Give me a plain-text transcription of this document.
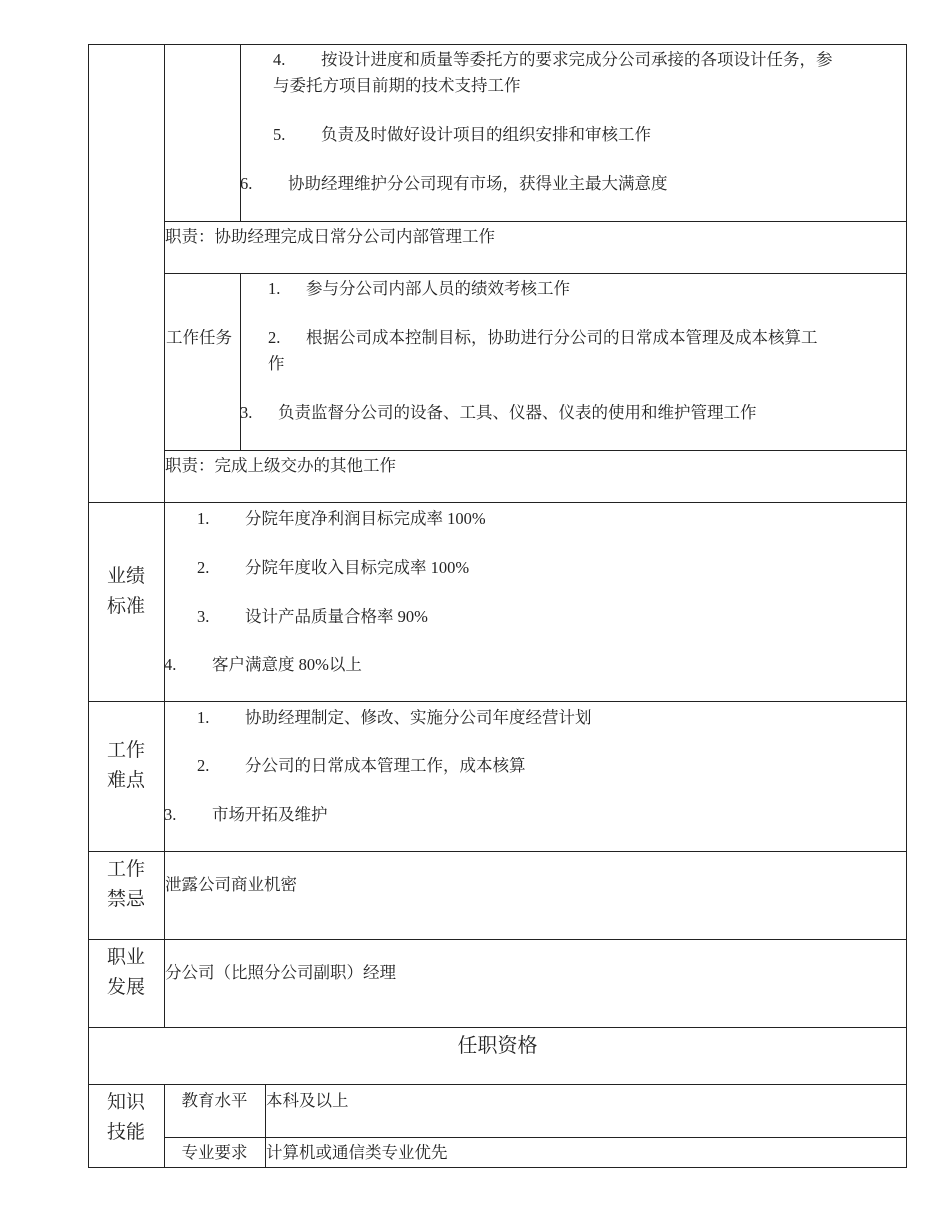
4. 按设计进度和质量等委托方的要求完成分公司承接的各项设计任务，参
与委托方项目前期的技术支持工作
5. 负责及时做好设计项目的组织安排和审核工作
6. 协助经理维护分公司现有市场，获得业主最大满意度
职责：协助经理完成日常分公司内部管理工作
工作任务
1. 参与分公司内部人员的绩效考核工作
2. 根据公司成本控制目标，协助进行分公司的日常成本管理及成本核算工
作
3. 负责监督分公司的设备、工具、仪器、仪表的使用和维护管理工作
职责：完成上级交办的其他工作
业绩标准
1. 分院年度净利润目标完成率 100%
2. 分院年度收入目标完成率 100%
3. 设计产品质量合格率 90%
4. 客户满意度 80%以上
工作难点
1. 协助经理制定、修改、实施分公司年度经营计划
2. 分公司的日常成本管理工作，成本核算
3. 市场开拓及维护
工作禁忌
泄露公司商业机密
职业发展
分公司（比照分公司副职）经理
任职资格
知识技能
教育水平	本科及以上
专业要求	计算机或通信类专业优先
